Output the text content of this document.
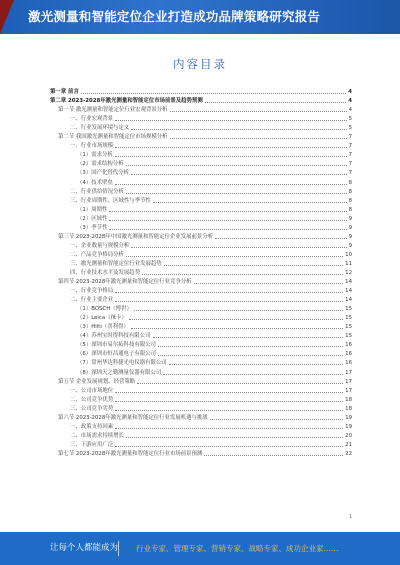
激光测量和智能定位企业打造成功品牌策略研究报告
内容目录
第一章 前言	4
第二章 2023-2028年激光测量和智能定位市场前景及趋势预测	4
第一节 激光测量和智能定位行业宏观背景分析	4
一、行业宏观背景	5
二、行业发展环境与定义	5
第二节 我国激光测量和智能定位市场规模分析	7
一、行业市场规模	7
（1）需求分析	7
（2）需求结构分析	7
（3）国产化替代分析	7
（4）技术壁垒	8
二、行业供给情况分析	8
三、行业周期性、区域性与季节性	8
（1）周期性	8
（2）区域性	9
（3）季节性	9
第三节 2023-2028年中国激光测量和智能定位企业发展前景分析	9
一、企业数量与规模分析	9
二、产品竞争格局分析	10
三、激光测量和智能定位行业发展趋势	11
四、行业技术水平及发展趋势	12
第四节 2023-2028年激光测量和智能定位行业竞争分析	14
一、行业竞争格局	14
二、行业主要企业	14
（1）BOSCH（博世）	15
（2）Leica（徕卡）	15
（3）Hilti（喜利得）	15
（4）苏州宝时得科技有限公司	15
（5）深圳市易尔拓科技有限公司	16
（6）深圳市恒昌通电子有限公司	16
（7）常州华达科捷光电仪器有限公司	16
（8）深圳天之勤测量仪器有限公司	17
第五节 企业发展规划、经营策略	17
一、公司市场地位	17
二、公司竞争优势	18
三、公司竞争劣势	18
第六节 2023-2028年激光测量和智能定位行业发展机遇与挑战	19
一、政策支持因素	19
二、市场需求持续增长	20
三、下游应用广泛	21
第七节 2023-2028年激光测量和智能定位行业市场前景预测	22
1
让每个人都能成为 行业专家、管理专家、营销专家、战略专家、成功企业家……
